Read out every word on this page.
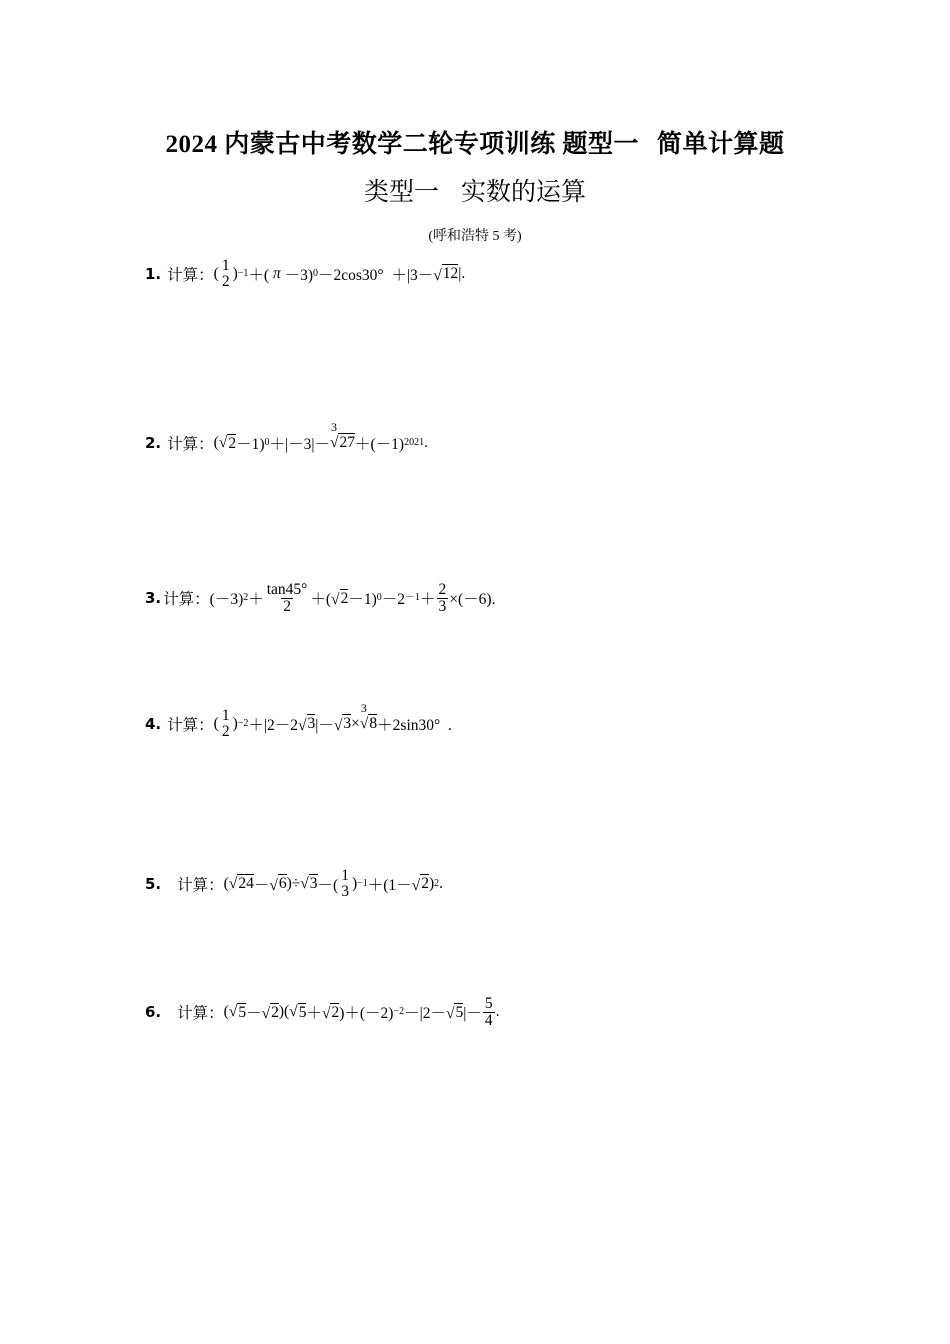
2024 内蒙古中考数学二轮专项训练 题型一 简单计算题
类型一 实数的运算
(呼和浩特 5 考)
1. 计算： ( 1
2 ) −1 ＋( π －3) 0 －2cos30°  ＋|3－√ 12 |.
2. 计算： (√ 2 －1) 0 ＋|－3|－
3
√27 ＋(－1) 2021 .
3. 计算： (－3) $2 + \frac{\tan 45^\circ}{2}$ ＋(√ 2 －1) $0 -2 -1 + \frac{2}{3} \times(-6)$.
4. 计算： ( 1
2 ) −2 ＋|2－2√ 3 |－√ 3 ×
3
√8 ＋2sin30°  .
5. 计算： (√ 24 －√ 6 )÷√ 3 －(
1
3 ) −1 ＋(1－√ 2 ) 2 .
6. 计算： (√ 5 －√ 2 )(√ 5 ＋√ 2 )＋(－2) −2 －|2－√ 5 |－ $\frac{5}{4}$ .
